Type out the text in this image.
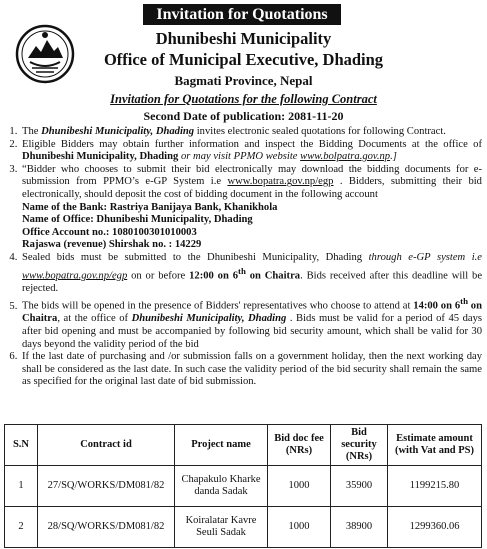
Invitation for Quotations
Dhunibeshi Municipality
Office of Municipal Executive, Dhading
Bagmati Province, Nepal
Invitation for Quotations for the following Contract
Second Date of publication: 2081-11-20
1. The Dhunibeshi Municipality, Dhading invites electronic sealed quotations for following Contract.
2. Eligible Bidders may obtain further information and inspect the Bidding Documents at the office of Dhunibeshi Municipality, Dhading or may visit PPMO website www.bolpatra.gov.np.]
3. “Bidder who chooses to submit their bid electronically may download the bidding documents for e-submission from PPMO’s e-GP System i.e www.bopatra.gov.np/egp . Bidders, submitting their bid electronically, should deposit the cost of bidding document in the following account
Name of the Bank: Rastriya Banijaya Bank, Khanikhola
Name of Office: Dhunibeshi Municipality, Dhading
Office Account no.: 1080100301010003
Rajaswa (revenue) Shirshak no. : 14229
4. Sealed bids must be submitted to the Dhunibeshi Municipality, Dhading through e-GP system i.e www.bopatra.gov.np/egp on or before 12:00 on 6th on Chaitra. Bids received after this deadline will be rejected.
5. The bids will be opened in the presence of Bidders' representatives who choose to attend at 14:00 on 6th on Chaitra, at the office of Dhunibeshi Municipality, Dhading . Bids must be valid for a period of 45 days after bid opening and must be accompanied by following bid security amount, which shall be valid for 30 days beyond the validity period of the bid
6. If the last date of purchasing and /or submission falls on a government holiday, then the next working day shall be considered as the last date. In such case the validity period of the bid security shall remain the same as specified for the original last date of bid submission.
S.N	Contract id	Project name	Bid doc fee (NRs)	Bid security (NRs)	Estimate amount (with Vat and PS)
1	27/SQ/WORKS/DM081/82	Chapakulo Kharke danda Sadak	1000	35900	1199215.80
2	28/SQ/WORKS/DM081/82	Koiralatar Kavre Seuli Sadak	1000	38900	1299360.06
